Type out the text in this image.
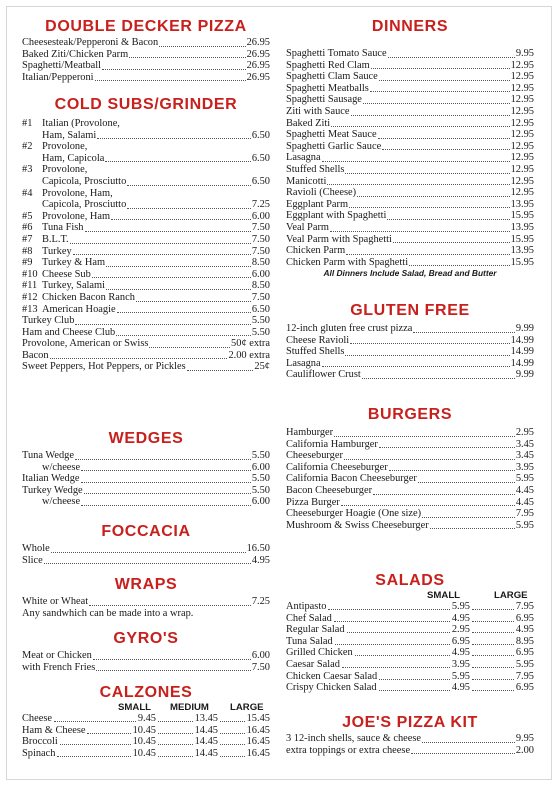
DOUBLE DECKER PIZZA
Cheesesteak/Pepperoni & Bacon	26.95
Baked Ziti/Chicken Parm	26.95
Spaghetti/Meatball	26.95
Italian/Pepperoni	26.95
COLD SUBS/GRINDER
#1 Italian (Provolone,
Ham, Salami	6.50
#2 Provolone,
Ham, Capicola	6.50
#3 Provolone,
Capicola, Prosciutto	6.50
#4 Provolone, Ham,
Capicola, Prosciutto	7.25
#5 Provolone, Ham	6.00
#6 Tuna Fish	7.50
#7 B.L.T.	7.50
#8 Turkey	7.50
#9 Turkey & Ham	8.50
#10 Cheese Sub	6.00
#11 Turkey, Salami	8.50
#12 Chicken Bacon Ranch	7.50
#13 American Hoagie	6.50
Turkey Club	5.50
Ham and Cheese Club	5.50
Provolone, American or Swiss	50¢ extra
Bacon	2.00 extra
Sweet Peppers, Hot Peppers, or Pickles	25¢
WEDGES
Tuna Wedge	5.50
w/cheese	6.00
Italian Wedge	5.50
Turkey Wedge	5.50
w/cheese	6.00
FOCCACIA
Whole	16.50
Slice	4.95
WRAPS
White or Wheat	7.25
Any sandwhich can be made into a wrap.
GYRO'S
Meat or Chicken	6.00
with French Fries	7.50
CALZONES
SMALL MEDIUM LARGE
Cheese	9.45	13.45	15.45
Ham & Cheese	10.45	14.45	16.45
Broccoli	10.45	14.45	16.45
Spinach	10.45	14.45	16.45
DINNERS
Spaghetti Tomato Sauce	9.95
Spaghetti Red Clam	12.95
Spaghetti Clam Sauce	12.95
Spaghetti Meatballs	12.95
Spaghetti Sausage	12.95
Ziti with Sauce	12.95
Baked Ziti	12.95
Spaghetti Meat Sauce	12.95
Spaghetti Garlic Sauce	12.95
Lasagna	12.95
Stuffed Shells	12.95
Manicotti	12.95
Ravioli (Cheese)	12.95
Eggplant Parm	13.95
Eggplant with Spaghetti	15.95
Veal Parm	13.95
Veal Parm with Spaghetti	15.95
Chicken Parm	13.95
Chicken Parm with Spaghetti	15.95
All Dinners Include Salad, Bread and Butter
GLUTEN FREE
12-inch gluten free crust pizza	9.99
Cheese Ravioli	14.99
Stuffed Shells	14.99
Lasagna	14.99
Cauliflower Crust	9.99
BURGERS
Hamburger	2.95
California Hamburger	3.45
Cheeseburger	3.45
California Cheeseburger	3.95
California Bacon Cheeseburger	5.95
Bacon Cheeseburger	4.45
Pizza Burger	4.45
Cheeseburger Hoagie (One size)	7.95
Mushroom & Swiss Cheeseburger	5.95
SALADS
SMALL	LARGE
Antipasto	5.95	7.95
Chef Salad	4.95	6.95
Regular Salad	2.95	4.95
Tuna Salad	6.95	8.95
Grilled Chicken	4.95	6.95
Caesar Salad	3.95	5.95
Chicken Caesar Salad	5.95	7.95
Crispy Chicken Salad	4.95	6.95
JOE'S PIZZA KIT
3 12-inch shells, sauce & cheese	9.95
extra toppings or extra cheese	2.00
